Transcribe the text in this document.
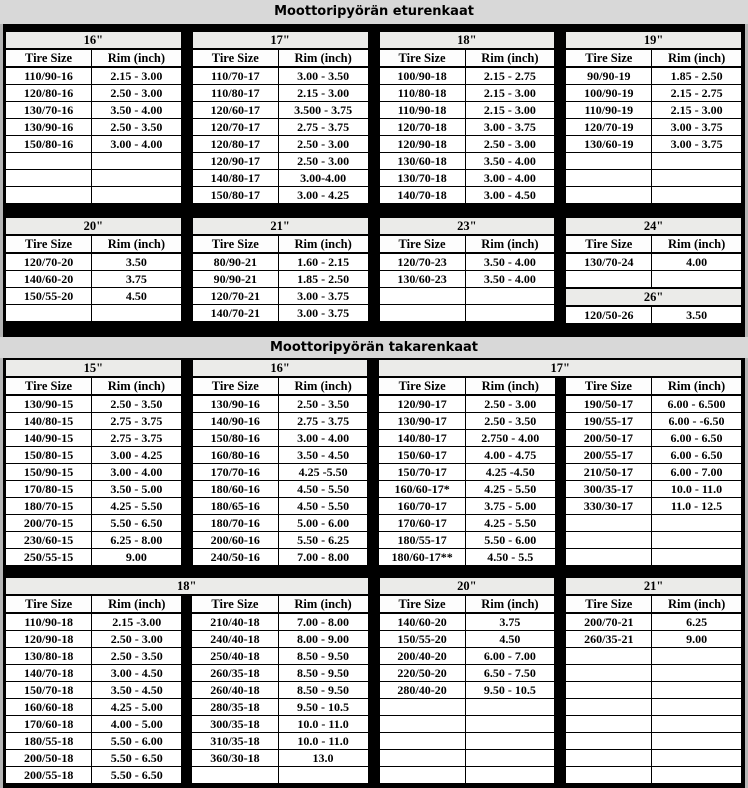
Moottoripyörän eturenkaat
16"
Tire Size	Rim (inch)
110/90-16	2.15 - 3.00
120/80-16	2.50 - 3.00
130/70-16	3.50 - 4.00
130/90-16	2.50 - 3.50
150/80-16	3.00 - 4.00

17"
Tire Size	Rim (inch)
110/70-17	3.00 - 3.50
110/80-17	2.15 - 3.00
120/60-17	3.500 - 3.75
120/70-17	2.75 - 3.75
120/80-17	2.50 - 3.00
120/90-17	2.50 - 3.00
140/80-17	3.00-4.00
150/80-17	3.00 - 4.25
18"
Tire Size	Rim (inch)
100/90-18	2.15 - 2.75
110/80-18	2.15 - 3.00
110/90-18	2.15 - 3.00
120/70-18	3.00 - 3.75
120/90-18	2.50 - 3.00
130/60-18	3.50 - 4.00
130/70-18	3.00 - 4.00
140/70-18	3.00 - 4.50
19"
Tire Size	Rim (inch)
90/90-19	1.85 - 2.50
100/90-19	2.15 - 2.75
110/90-19	2.15 - 3.00
120/70-19	3.00 - 3.75
130/60-19	3.00 - 3.75

20"
Tire Size	Rim (inch)
120/70-20	3.50
140/60-20	3.75
150/55-20	4.50

21"
Tire Size	Rim (inch)
80/90-21	1.60 - 2.15
90/90-21	1.85 - 2.50
120/70-21	3.00 - 3.75
140/70-21	3.00 - 3.75
23"
Tire Size	Rim (inch)
120/70-23	3.50 - 4.00
130/60-23	3.50 - 4.00

24"
Tire Size	Rim (inch)
130/70-24	4.00

26"
120/50-26	3.50
Moottoripyörän takarenkaat
15"
Tire Size	Rim (inch)
130/90-15	2.50 - 3.50
140/80-15	2.75 - 3.75
140/90-15	2.75 - 3.75
150/80-15	3.00 - 4.25
150/90-15	3.00 - 4.00
170/80-15	3.50 - 5.00
180/70-15	4.25 - 5.50
200/70-15	5.50 - 6.50
230/60-15	6.25 - 8.00
250/55-15	9.00
16"
Tire Size	Rim (inch)
130/90-16	2.50 - 3.50
140/90-16	2.75 - 3.75
150/80-16	3.00 - 4.00
160/80-16	3.50 - 4.50
170/70-16	4.25 -5.50
180/60-16	4.50 - 5.50
180/65-16	4.50 - 5.50
180/70-16	5.00 - 6.00
200/60-16	5.50 - 6.25
240/50-16	7.00 - 8.00
17"
Tire Size	Rim (inch)
120/90-17	2.50 - 3.00
130/90-17	2.50 - 3.50
140/80-17	2.750 - 4.00
150/60-17	4.00 - 4.75
150/70-17	4.25 -4.50
160/60-17*	4.25 - 5.50
160/70-17	3.75 - 5.00
170/60-17	4.25 - 5.50
180/55-17	5.50 - 6.00
180/60-17**	4.50 - 5.5
Tire Size	Rim (inch)
190/50-17	6.00 - 6.500
190/55-17	6.00 - -6.50
200/50-17	6.00 - 6.50
200/55-17	6.00 - 6.50
210/50-17	6.00 - 7.00
300/35-17	10.0 - 11.0
330/30-17	11.0 - 12.5

18"
Tire Size	Rim (inch)
110/90-18	2.15 -3.00
120/90-18	2.50 - 3.00
130/80-18	2.50 - 3.50
140/70-18	3.00 - 4.50
150/70-18	3.50 - 4.50
160/60-18	4.25 - 5.00
170/60-18	4.00 - 5.00
180/55-18	5.50 - 6.00
200/50-18	5.50 - 6.50
200/55-18	5.50 - 6.50
Tire Size	Rim (inch)
210/40-18	7.00 - 8.00
240/40-18	8.00 - 9.00
250/40-18	8.50 - 9.50
260/35-18	8.50 - 9.50
260/40-18	8.50 - 9.50
280/35-18	9.50 - 10.5
300/35-18	10.0 - 11.0
310/35-18	10.0 - 11.0
360/30-18	13.0

20"
Tire Size	Rim (inch)
140/60-20	3.75
150/55-20	4.50
200/40-20	6.00 - 7.00
220/50-20	6.50 - 7.50
280/40-20	9.50 - 10.5

21"
Tire Size	Rim (inch)
200/70-21	6.25
260/35-21	9.00
